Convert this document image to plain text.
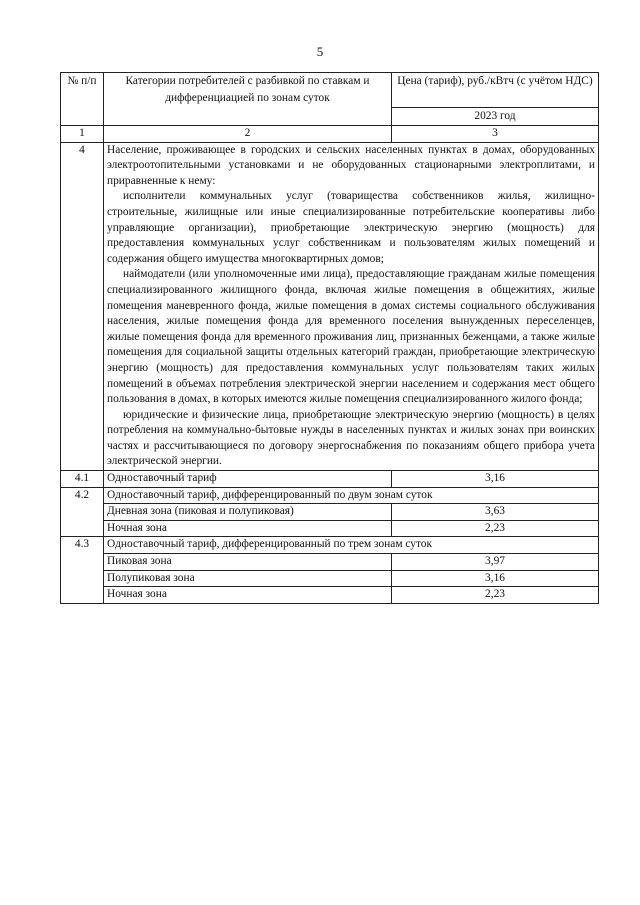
5
№ п/п	Категории потребителей с разбивкой по ставкам и дифференциацией по зонам суток	Цена (тариф), руб./кВтч (с учётом НДС)
		2023 год
1	2	3
4	Население, проживающее в городских и сельских населенных пунктах в домах, оборудованных электроотопительными установками и не оборудованных стационарными электроплитами, и приравненные к нему:

исполнители коммунальных услуг (товарищества собственников жилья, жилищно-строительные, жилищные или иные специализированные потребительские кооперативы либо управляющие организации), приобретающие электрическую энергию (мощность) для предоставления коммунальных услуг собственникам и пользователям жилых помещений и содержания общего имущества многоквартирных домов;

наймодатели (или уполномоченные ими лица), предоставляющие гражданам жилые помещения специализированного жилищного фонда, включая жилые помещения в общежитиях, жилые помещения маневренного фонда, жилые помещения в домах системы социального обслуживания населения, жилые помещения фонда для временного поселения вынужденных переселенцев, жилые помещения фонда для временного проживания лиц, признанных беженцами, а также жилые помещения для социальной защиты отдельных категорий граждан, приобретающие электрическую энергию (мощность) для предоставления коммунальных услуг пользователям таких жилых помещений в объемах потребления электрической энергии населением и содержания мест общего пользования в домах, в которых имеются жилые помещения специализированного жилого фонда;

юридические и физические лица, приобретающие электрическую энергию (мощность) в целях потребления на коммунально-бытовые нужды в населенных пунктах и жилых зонах при воинских частях и рассчитывающиеся по договору энергоснабжения по показаниям общего прибора учета электрической энергии.	

4.1	Одноставочный тариф	3,16
4.2	Одноставочный тариф, дифференцированный по двум зонам суток	
	Дневная зона (пиковая и полупиковая)	3,63
	Ночная зона	2,23
4.3	Одноставочный тариф, дифференцированный по трем зонам суток	
	Пиковая зона	3,97
	Полупиковая зона	3,16
	Ночная зона	2,23
